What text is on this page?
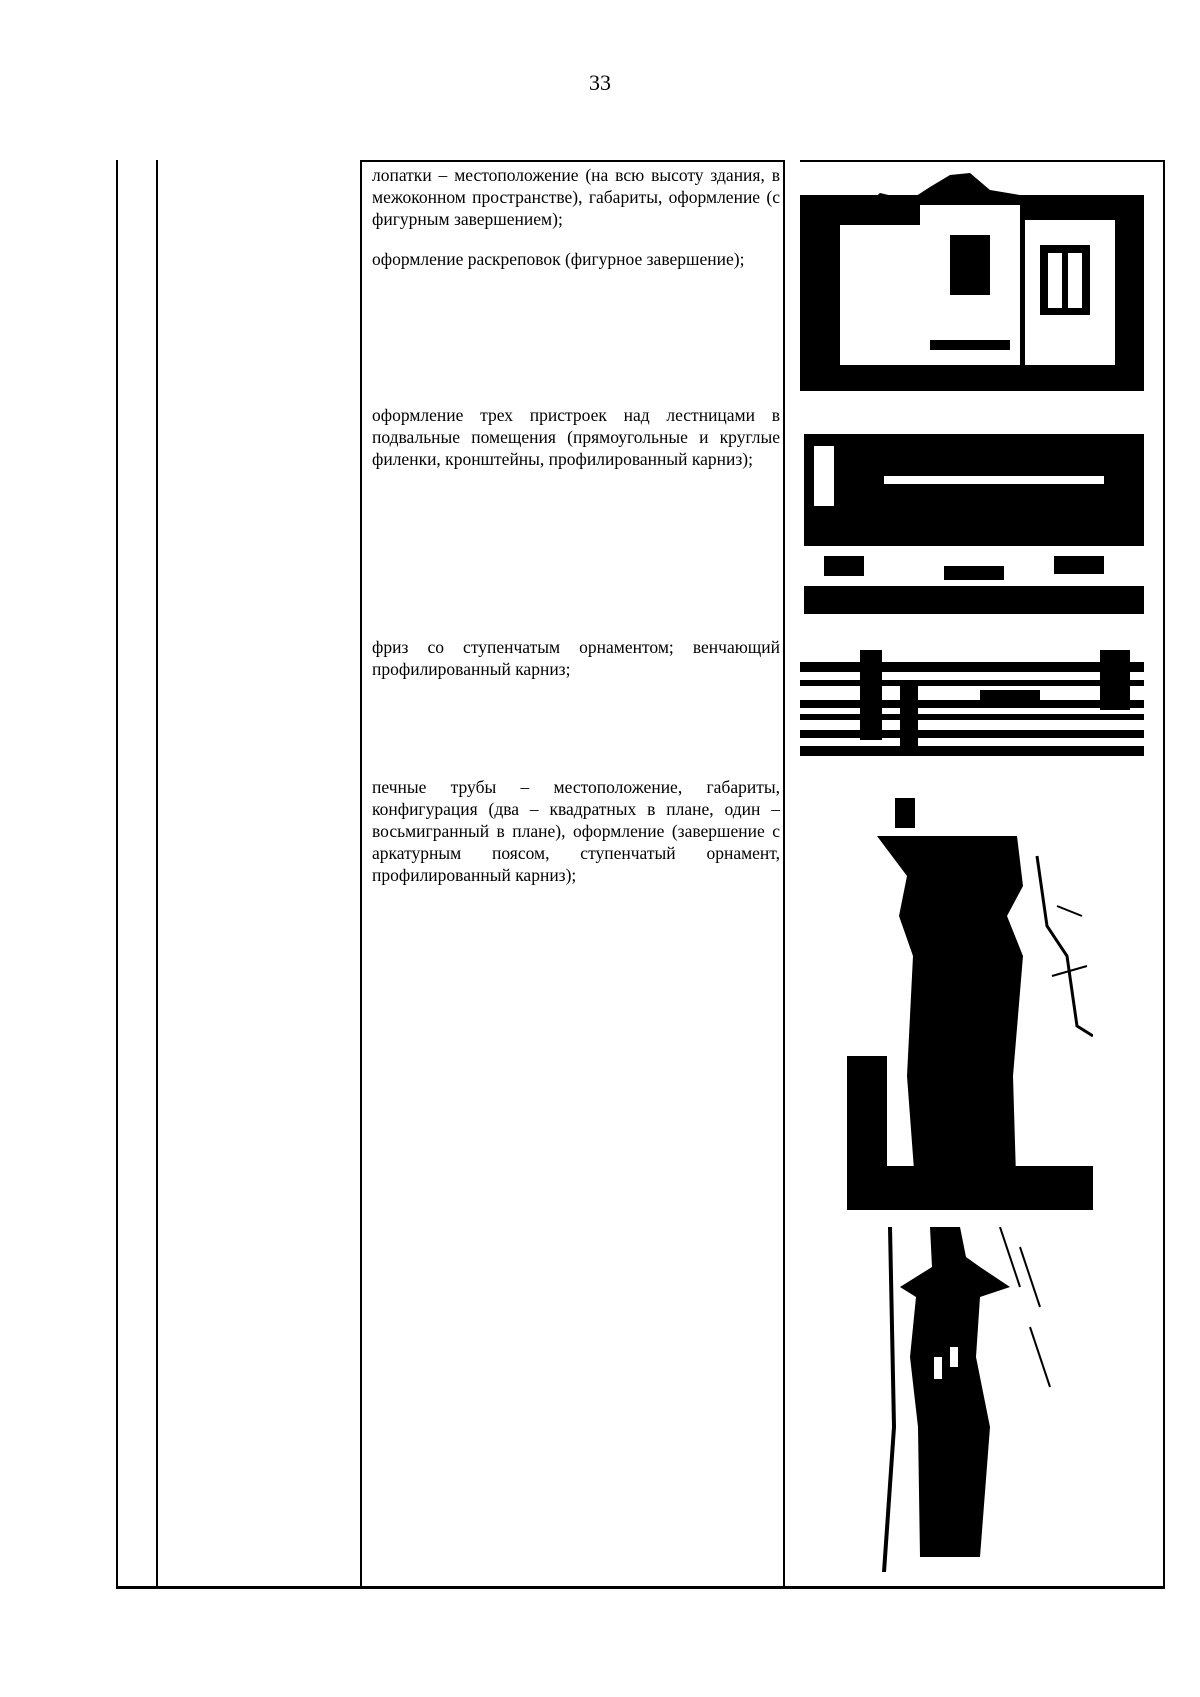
33

лопатки – местоположение (на всю высоту здания, в межоконном пространстве), габариты, оформление (с фигурным завершением);

оформление раскреповок (фигурное завершение);

оформление трех пристроек над лестницами в подвальные помещения (прямоугольные и круглые филенки, кронштейны, профилированный карниз);

фриз со ступенчатым орнаментом; венчающий профилированный карниз;

печные трубы – местоположение, габариты, конфигурация (два – квадратных в плане, один – восьмигранный в плане), оформление (завершение с аркатурным поясом, ступенчатый орнамент, профилированный карниз);
